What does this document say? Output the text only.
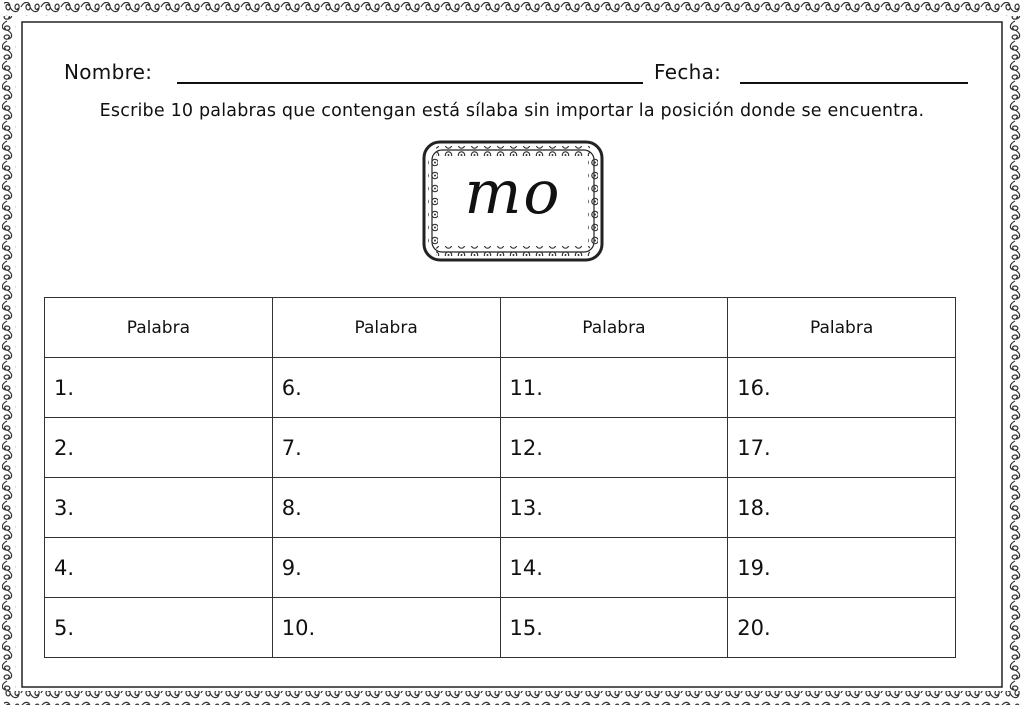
Nombre:	Fecha:
Escribe 10 palabras que contengan está sílaba sin importar la posición donde se encuentra.
mo
Palabra	Palabra	Palabra	Palabra
1.	6.	11.	16.
2.	7.	12.	17.
3.	8.	13.	18.
4.	9.	14.	19.
5.	10.	15.	20.
